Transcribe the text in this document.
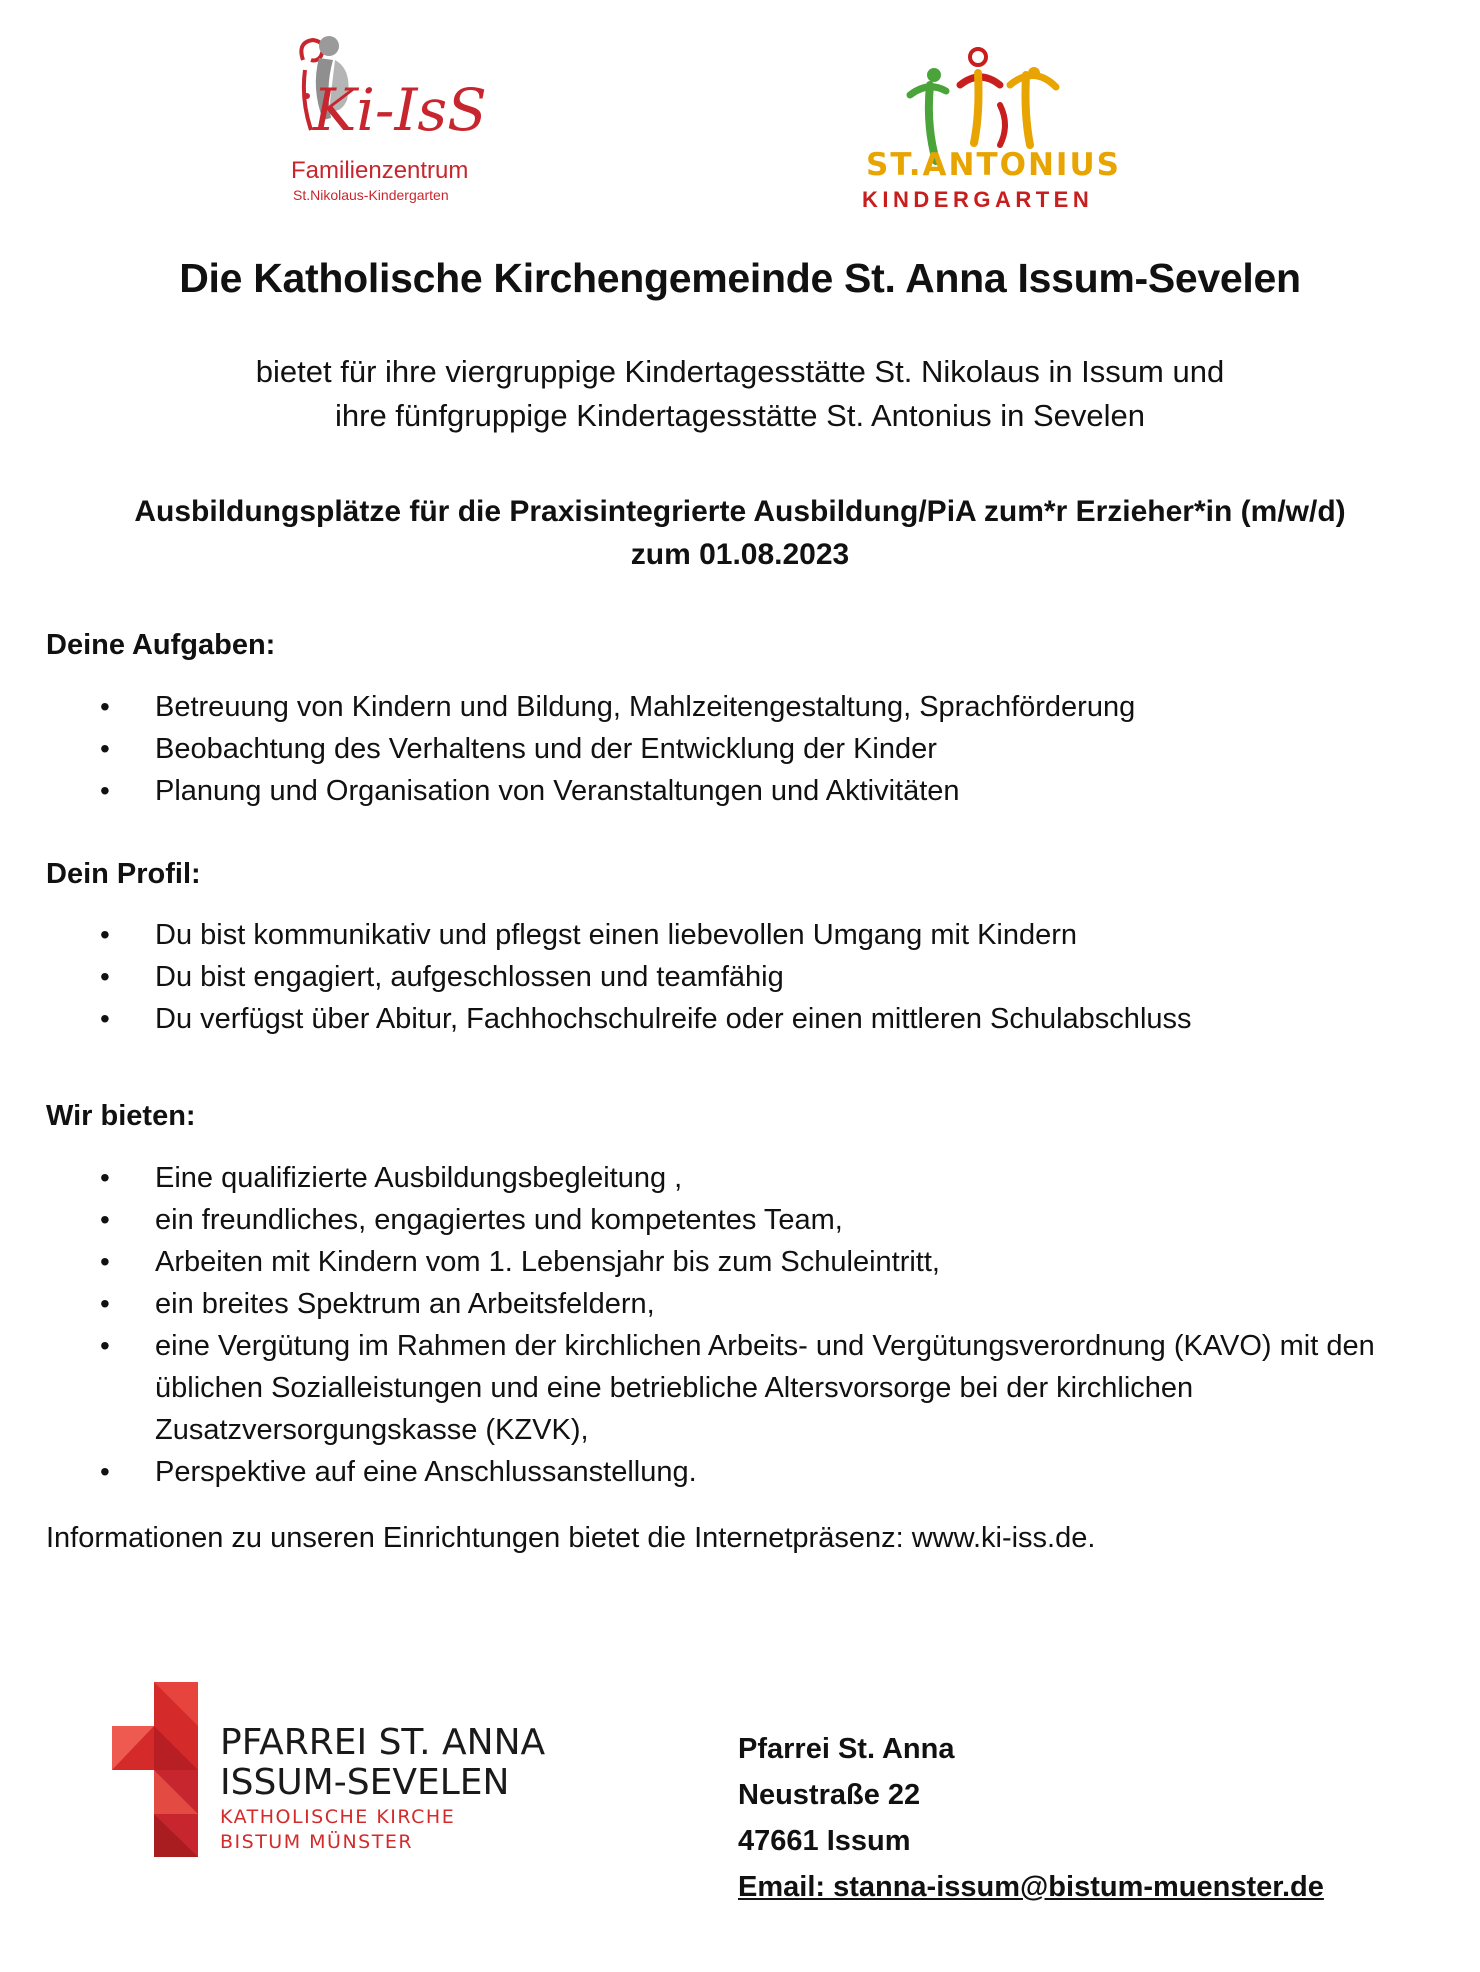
Ki-IsS
Familienzentrum
St.Nikolaus-Kindergarten
ST.ANTONIUS
KINDERGARTEN
Die Katholische Kirchengemeinde St. Anna Issum-Sevelen
bietet für ihre viergruppige Kindertagesstätte St. Nikolaus in Issum und
ihre fünfgruppige Kindertagesstätte St. Antonius in Sevelen
Ausbildungsplätze für die Praxisintegrierte Ausbildung/PiA zum*r Erzieher*in (m/w/d)
zum 01.08.2023
Deine Aufgaben:
• Betreuung von Kindern und Bildung, Mahlzeitengestaltung, Sprachförderung
• Beobachtung des Verhaltens und der Entwicklung der Kinder
• Planung und Organisation von Veranstaltungen und Aktivitäten
Dein Profil:
• Du bist kommunikativ und pflegst einen liebevollen Umgang mit Kindern
• Du bist engagiert, aufgeschlossen und teamfähig
• Du verfügst über Abitur, Fachhochschulreife oder einen mittleren Schulabschluss
Wir bieten:
• Eine qualifizierte Ausbildungsbegleitung ,
• ein freundliches, engagiertes und kompetentes Team,
• Arbeiten mit Kindern vom 1. Lebensjahr bis zum Schuleintritt,
• ein breites Spektrum an Arbeitsfeldern,
• eine Vergütung im Rahmen der kirchlichen Arbeits- und Vergütungsverordnung (KAVO) mit den üblichen Sozialleistungen und eine betriebliche Altersvorsorge bei der kirchlichen Zusatzversorgungskasse (KZVK),
• Perspektive auf eine Anschlussanstellung.
Informationen zu unseren Einrichtungen bietet die Internetpräsenz: www.ki-iss.de.
PFARREI ST. ANNA
ISSUM-SEVELEN
KATHOLISCHE KIRCHE
BISTUM MÜNSTER
Pfarrei St. Anna
Neustraße 22
47661 Issum
Email: stanna-issum@bistum-muenster.de
